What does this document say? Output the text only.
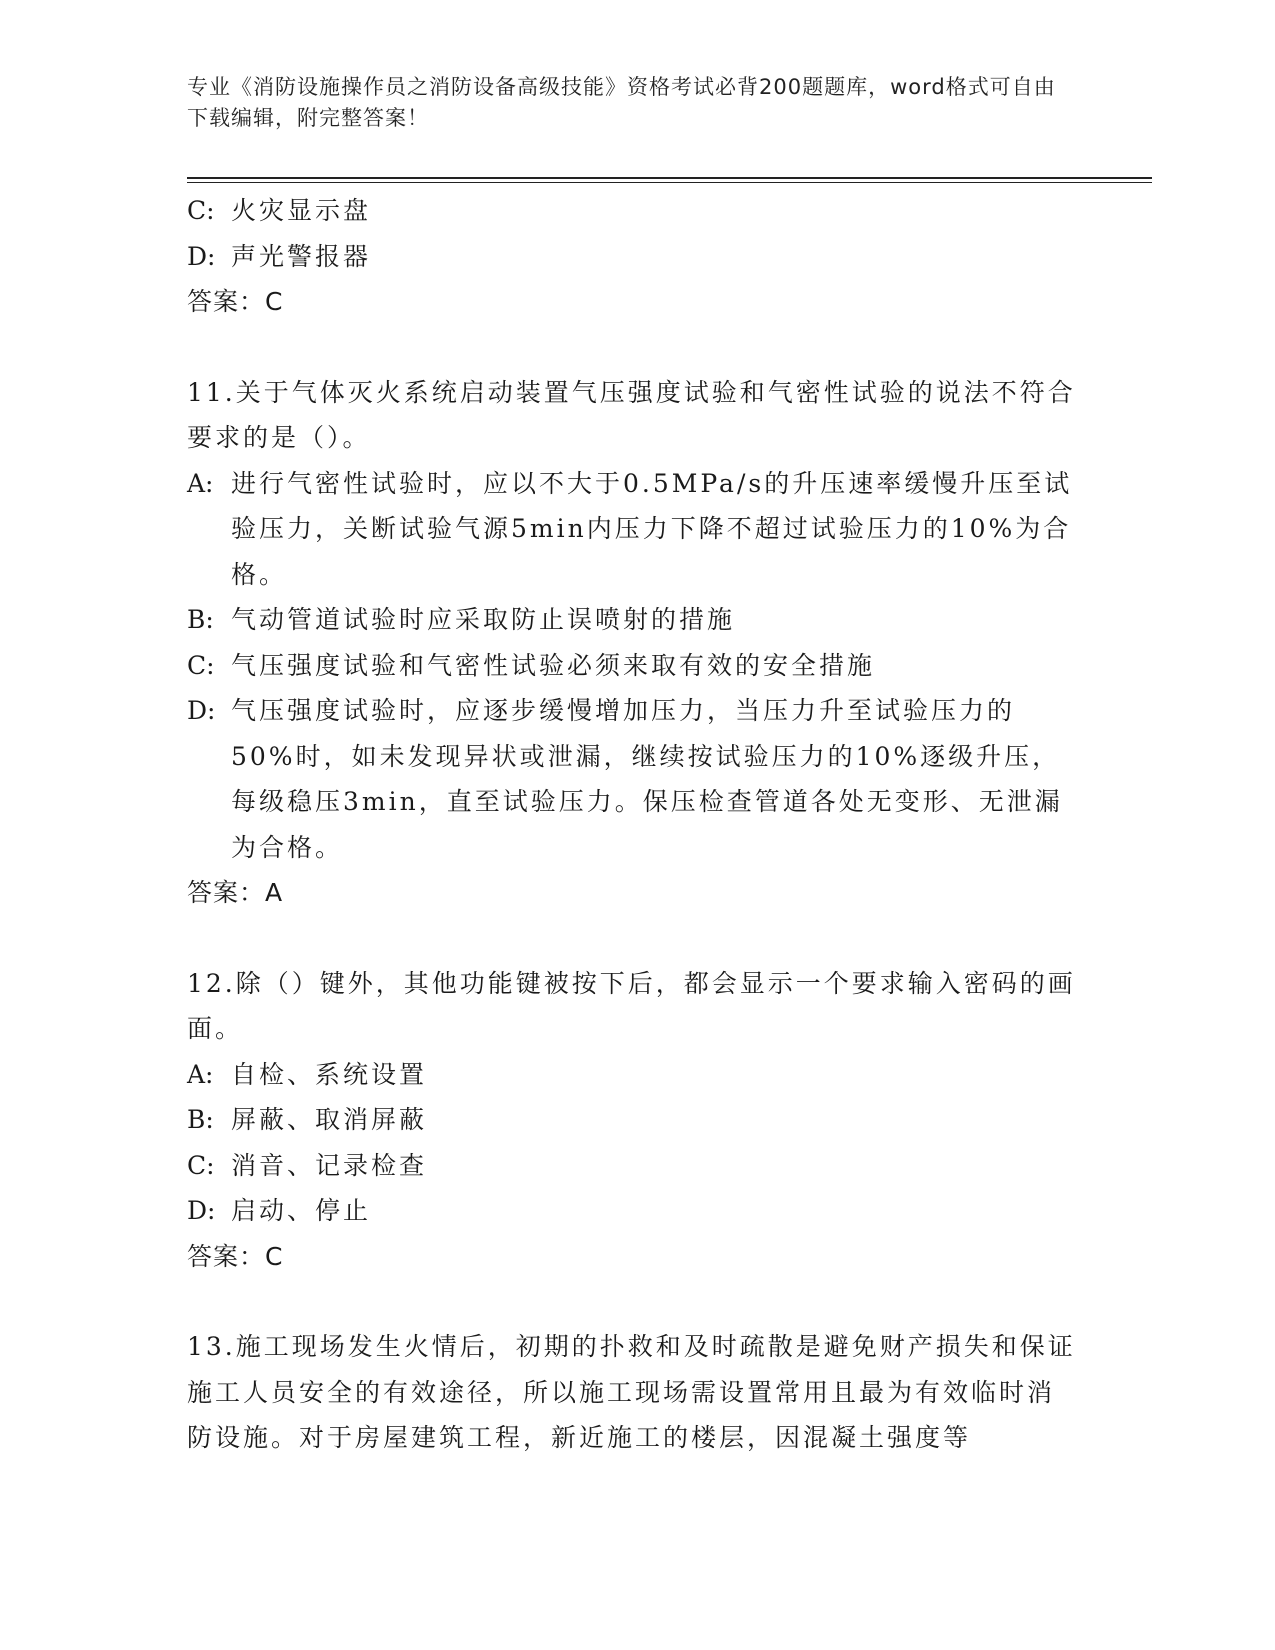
专业《消防设施操作员之消防设备高级技能》资格考试必背200题题库，word格式可自由下载编辑，附完整答案！
C: 火灾显示盘
D: 声光警报器
答案：C
11.关于气体灭火系统启动装置气压强度试验和气密性试验的说法不符合要求的是（）。
A: 进行气密性试验时，应以不大于0.5MPa/s的升压速率缓慢升压至试验压力，关断试验气源5min内压力下降不超过试验压力的10%为合格。
B: 气动管道试验时应采取防止误喷射的措施
C: 气压强度试验和气密性试验必须来取有效的安全措施
D: 气压强度试验时，应逐步缓慢增加压力，当压力升至试验压力的50%时，如未发现异状或泄漏，继续按试验压力的10%逐级升压，每级稳压3min，直至试验压力。保压检查管道各处无变形、无泄漏为合格。
答案：A
12.除（）键外，其他功能键被按下后，都会显示一个要求输入密码的画面。
A: 自检、系统设置
B: 屏蔽、取消屏蔽
C: 消音、记录检查
D: 启动、停止
答案：C
13.施工现场发生火情后，初期的扑救和及时疏散是避免财产损失和保证施工人员安全的有效途径，所以施工现场需设置常用且最为有效临时消防设施。对于房屋建筑工程，新近施工的楼层，因混凝土强度等
